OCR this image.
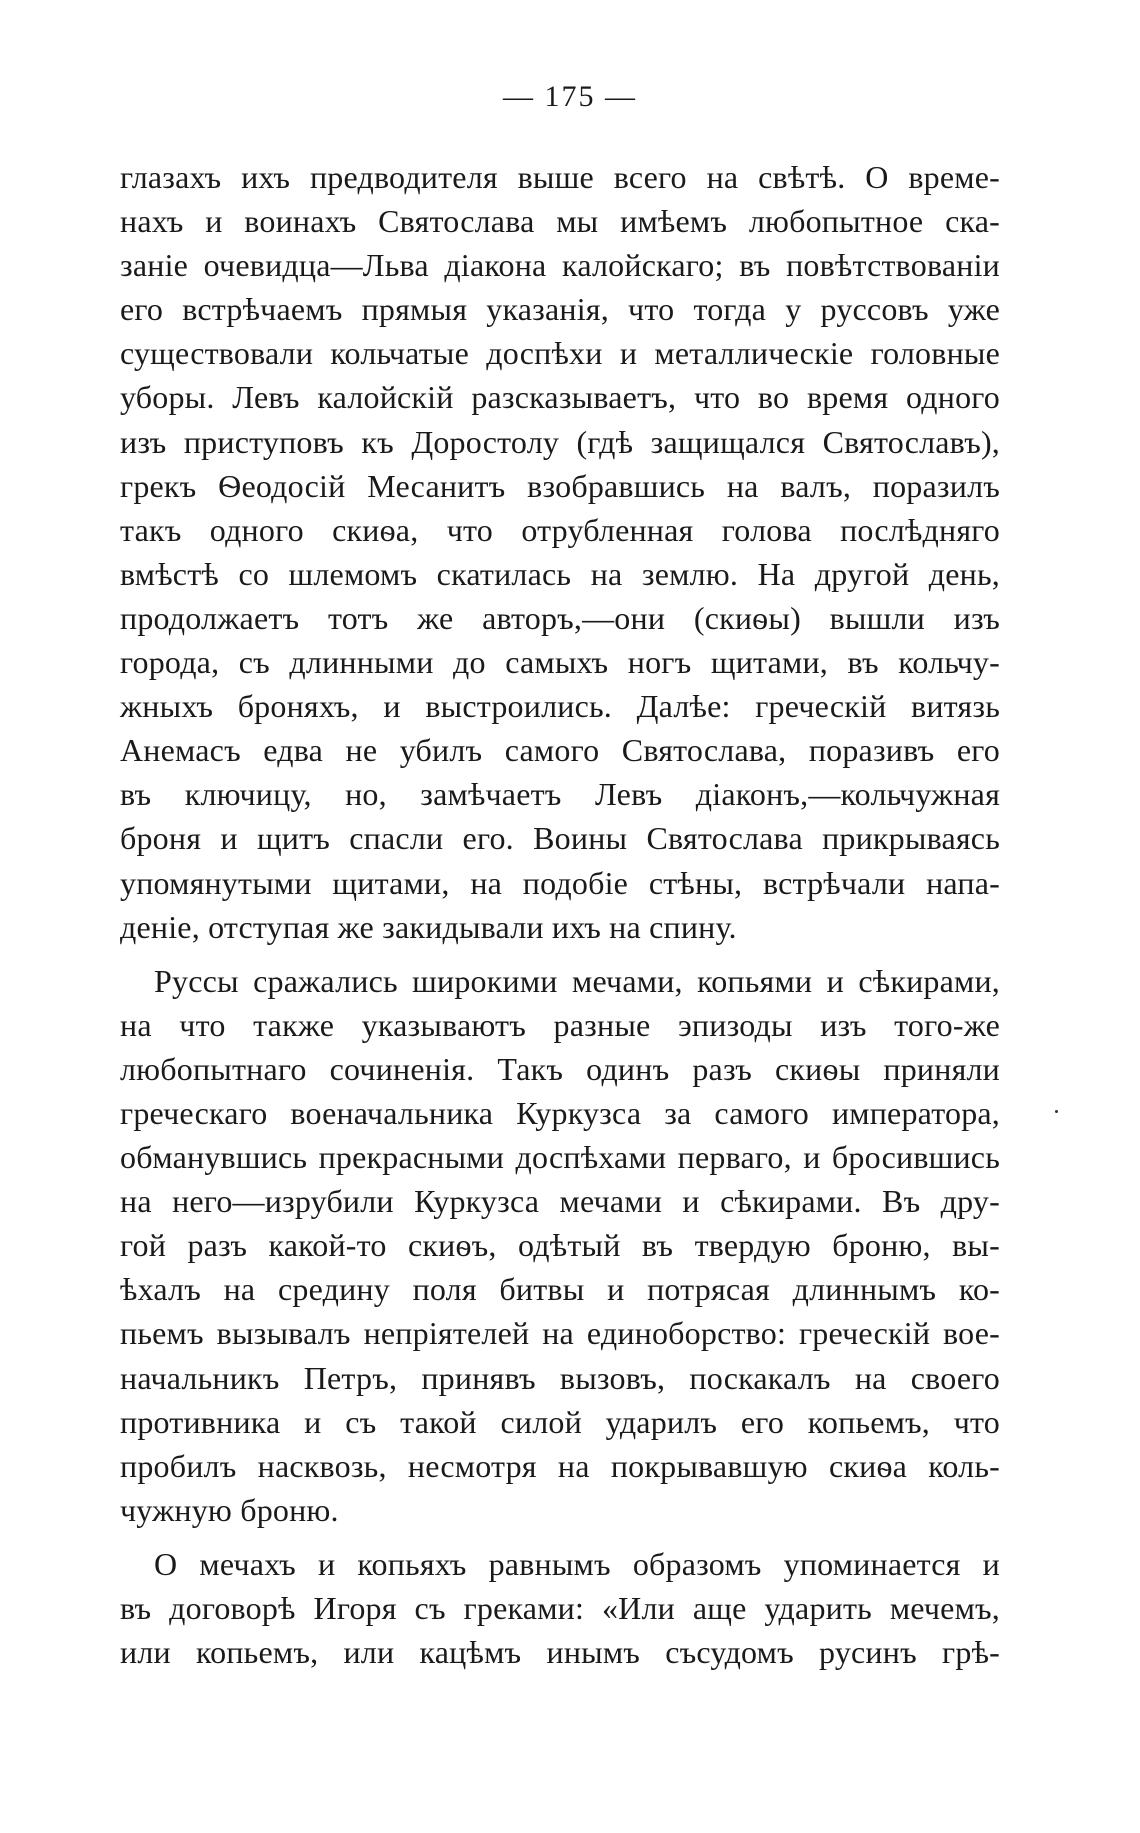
— 175 —
глазахъ ихъ предводителя выше всего на свѣтѣ. О време-
нахъ и воинахъ Святослава мы имѣемъ любопытное ска-
заніе очевидца—Льва діакона калойскаго; въ повѣтствованіи
его встрѣчаемъ прямыя указанія, что тогда у руссовъ уже
существовали кольчатые доспѣхи и металлическіе головные
уборы. Левъ калойскій разсказываетъ, что во время одного
изъ приступовъ къ Доростолу (гдѣ защищался Святославъ),
грекъ Ѳеодосій Месанитъ взобравшись на валъ, поразилъ
такъ одного скиѳа, что отрубленная голова послѣдняго
вмѣстѣ со шлемомъ скатилась на землю. На другой день,
продолжаетъ тотъ же авторъ,—они (скиѳы) вышли изъ
города, съ длинными до самыхъ ногъ щитами, въ кольчу-
жныхъ броняхъ, и выстроились. Далѣе: греческій витязь
Анемасъ едва не убилъ самого Святослава, поразивъ его
въ ключицу, но, замѣчаетъ Левъ діаконъ,—кольчужная
броня и щитъ спасли его. Воины Святослава прикрываясь
упомянутыми щитами, на подобіе стѣны, встрѣчали напа-
деніе, отступая же закидывали ихъ на спину.
Руссы сражались широкими мечами, копьями и сѣкирами,
на что также указываютъ разные эпизоды изъ того-же
любопытнаго сочиненія. Такъ одинъ разъ скиѳы приняли
греческаго военачальника Куркузса за самого императора,
обманувшись прекрасными доспѣхами перваго, и бросившись
на него—изрубили Куркузса мечами и сѣкирами. Въ дру-
гой разъ какой-то скиѳъ, одѣтый въ твердую броню, вы-
ѣхалъ на средину поля битвы и потрясая длиннымъ ко-
пьемъ вызывалъ непріятелей на единоборство: греческій вое-
начальникъ Петръ, принявъ вызовъ, поскакалъ на своего
противника и съ такой силой ударилъ его копьемъ, что
пробилъ насквозь, несмотря на покрывавшую скиѳа коль-
чужную броню.
О мечахъ и копьяхъ равнымъ образомъ упоминается и
въ договорѣ Игоря съ греками: «Или аще ударить мечемъ,
или копьемъ, или кацѣмъ инымъ съсудомъ русинъ грѣ-
